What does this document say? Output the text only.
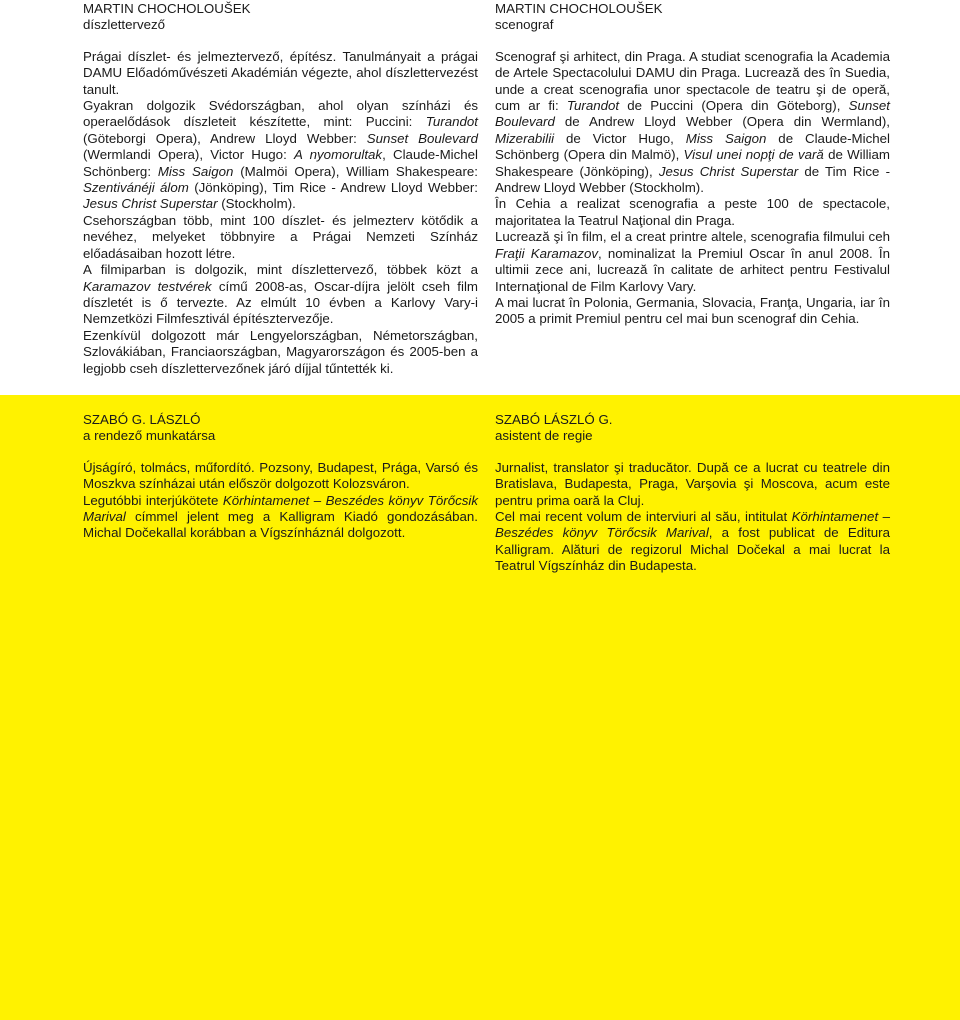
MARTIN CHOCHOLOUŠEK
díszlettervező

Prágai díszlet- és jelmeztervező, építész. Tanulmányait a prágai DAMU Előadóművészeti Akadémián végezte, ahol díszlettervezést tanult.

Gyakran dolgozik Svédországban, ahol olyan színházi és operaelődások díszleteit készítette, mint: Puccini: Turandot (Göteborgi Opera), Andrew Lloyd Webber: Sunset Boulevard (Wermlandi Opera), Victor Hugo: A nyomorultak, Claude-Michel Schönberg: Miss Saigon (Malmöi Opera), William Shakespeare: Szentivánéji álom (Jönköping), Tim Rice - Andrew Lloyd Webber: Jesus Christ Superstar (Stockholm).

Csehországban több, mint 100 díszlet- és jelmezterv kötődik a nevéhez, melyeket többnyire a Prágai Nemzeti Színház előadásaiban hozott létre.

A filmiparban is dolgozik, mint díszlettervező, többek közt a Karamazov testvérek című 2008-as, Oscar-díjra jelölt cseh film díszletét is ő tervezte. Az elmúlt 10 évben a Karlovy Vary-i Nemzetközi Filmfesztivál építésztervezője.

Ezenkívül dolgozott már Lengyelországban, Németországban, Szlovákiában, Franciaországban, Magyarországon és 2005-ben a legjobb cseh díszlettervezőnek járó díjjal tűntették ki.

MARTIN CHOCHOLOUŠEK
scenograf

Scenograf şi arhitect, din Praga. A studiat scenografia la Academia de Artele Spectacolului DAMU din Praga. Lucrează des în Suedia, unde a creat scenografia unor spectacole de teatru şi de operă, cum ar fi: Turandot de Puccini (Opera din Göteborg), Sunset Boulevard de Andrew Lloyd Webber (Opera din Wermland), Mizerabilii de Victor Hugo, Miss Saigon de Claude-Michel Schönberg (Opera din Malmö), Visul unei nopţi de vară de William Shakespeare (Jönköping), Jesus Christ Superstar de Tim Rice - Andrew Lloyd Webber (Stockholm).

În Cehia a realizat scenografia a peste 100 de spectacole, majoritatea la Teatrul Naţional din Praga.

Lucrează şi în film, el a creat printre altele, scenografia filmului ceh Fraţii Karamazov, nominalizat la Premiul Oscar în anul 2008. În ultimii zece ani, lucrează în calitate de arhitect pentru Festivalul Internaţional de Film Karlovy Vary.

A mai lucrat în Polonia, Germania, Slovacia, Franţa, Ungaria, iar în 2005 a primit Premiul pentru cel mai bun scenograf din Cehia.

SZABÓ G. LÁSZLÓ
a rendező munkatársa

Újságíró, tolmács, műfordító. Pozsony, Budapest, Prága, Varsó és Moszkva színházai után először dolgozott Kolozsváron.

Legutóbbi interjúkötete Körhintamenet – Beszédes könyv Törőcsik Marival címmel jelent meg a Kalligram Kiadó gondozásában. Michal Dočekallal korábban a Vígszínháznál dolgozott.

SZABÓ LÁSZLÓ G.
asistent de regie

Jurnalist, translator şi traducător. După ce a lucrat cu teatrele din Bratislava, Budapesta, Praga, Varşovia şi Moscova, acum este pentru prima oară la Cluj.

Cel mai recent volum de interviuri al său, intitulat Körhintamenet – Beszédes könyv Törőcsik Marival, a fost publicat de Editura Kalligram. Alături de regizorul Michal Dočekal a mai lucrat la Teatrul Vígszínház din Budapesta.
